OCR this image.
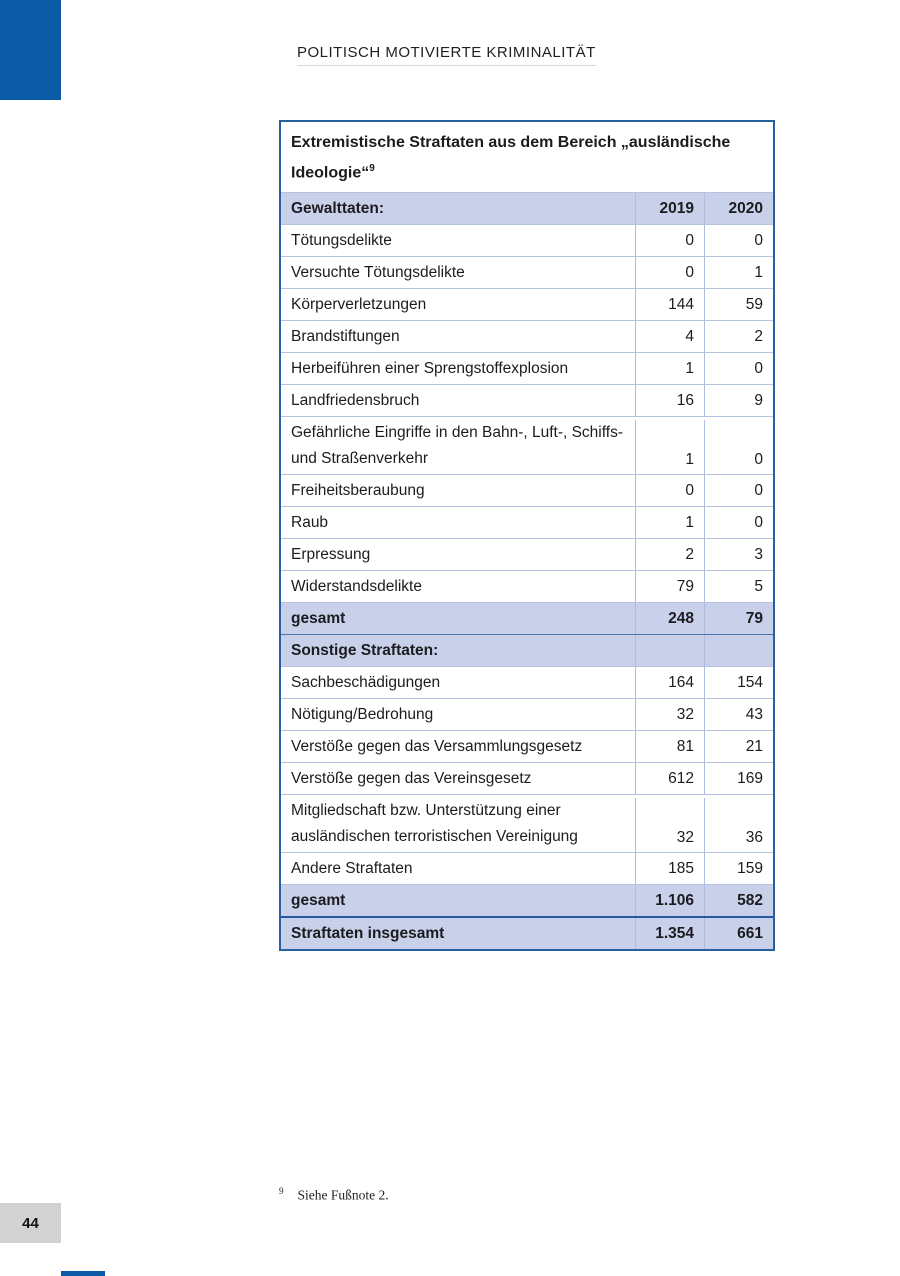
POLITISCH MOTIVIERTE KRIMINALITÄT
Extremistische Straftaten aus dem Bereich „ausländische Ideologie“$^9$
Gewalttaten:	2019	2020
Tötungsdelikte	0	0
Versuchte Tötungsdelikte	0	1
Körperverletzungen	144	59
Brandstiftungen	4	2
Herbeiführen einer Sprengstoffexplosion	1	0
Landfriedensbruch	16	9
Gefährliche Eingriffe in den Bahn-, Luft-, Schiffs- und Straßenverkehr	1	0
Freiheitsberaubung	0	0
Raub	1	0
Erpressung	2	3
Widerstandsdelikte	79	5
gesamt	248	79
Sonstige Straftaten:
Sachbeschädigungen	164	154
Nötigung/Bedrohung	32	43
Verstöße gegen das Versammlungsgesetz	81	21
Verstöße gegen das Vereinsgesetz	612	169
Mitgliedschaft bzw. Unterstützung einer ausländischen terroristischen Vereinigung	32	36
Andere Straftaten	185	159
gesamt	1.106	582
Straftaten insgesamt	1.354	661
$^9$ Siehe Fußnote 2.
44
